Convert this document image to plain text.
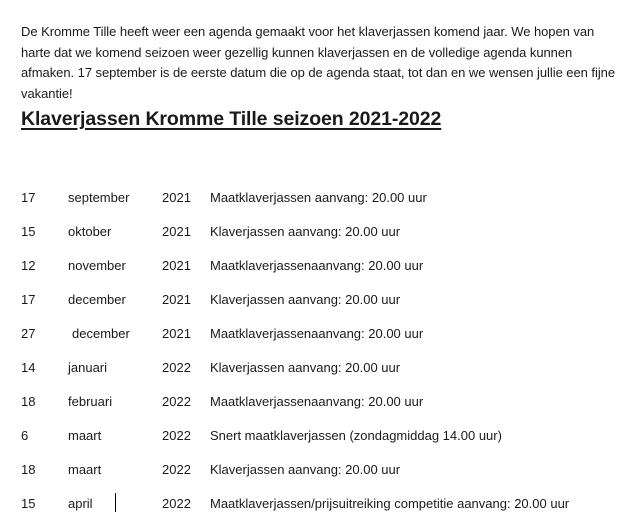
De Kromme Tille heeft weer een agenda gemaakt voor het klaverjassen komend jaar. We hopen van harte dat we komend seizoen weer gezellig kunnen klaverjassen en de volledige agenda kunnen afmaken. 17 september is de eerste datum die op de agenda staat, tot dan en we wensen jullie een fijne vakantie!

Klaverjassen Kromme Tille seizoen 2021-2022
17	september	2021 Maatklaverjassen aanvang: 20.00 uur
15	oktober	2021 Klaverjassen aanvang: 20.00 uur
12	november	2021 Maatklaverjassenaanvang: 20.00 uur
17	december	2021 Klaverjassen aanvang: 20.00 uur
27	december 2021 Maatklaverjassenaanvang: 20.00 uur
14	januari	2022 Klaverjassen aanvang: 20.00 uur
18	februari	2022 Maatklaverjassenaanvang: 20.00 uur
6	maart	2022 Snert maatklaverjassen (zondagmiddag 14.00 uur)
18	maart	2022 Klaverjassen aanvang: 20.00 uur
15	april	2022 Maatklaverjassen/prijsuitreiking competitie aanvang: 20.00 uur
